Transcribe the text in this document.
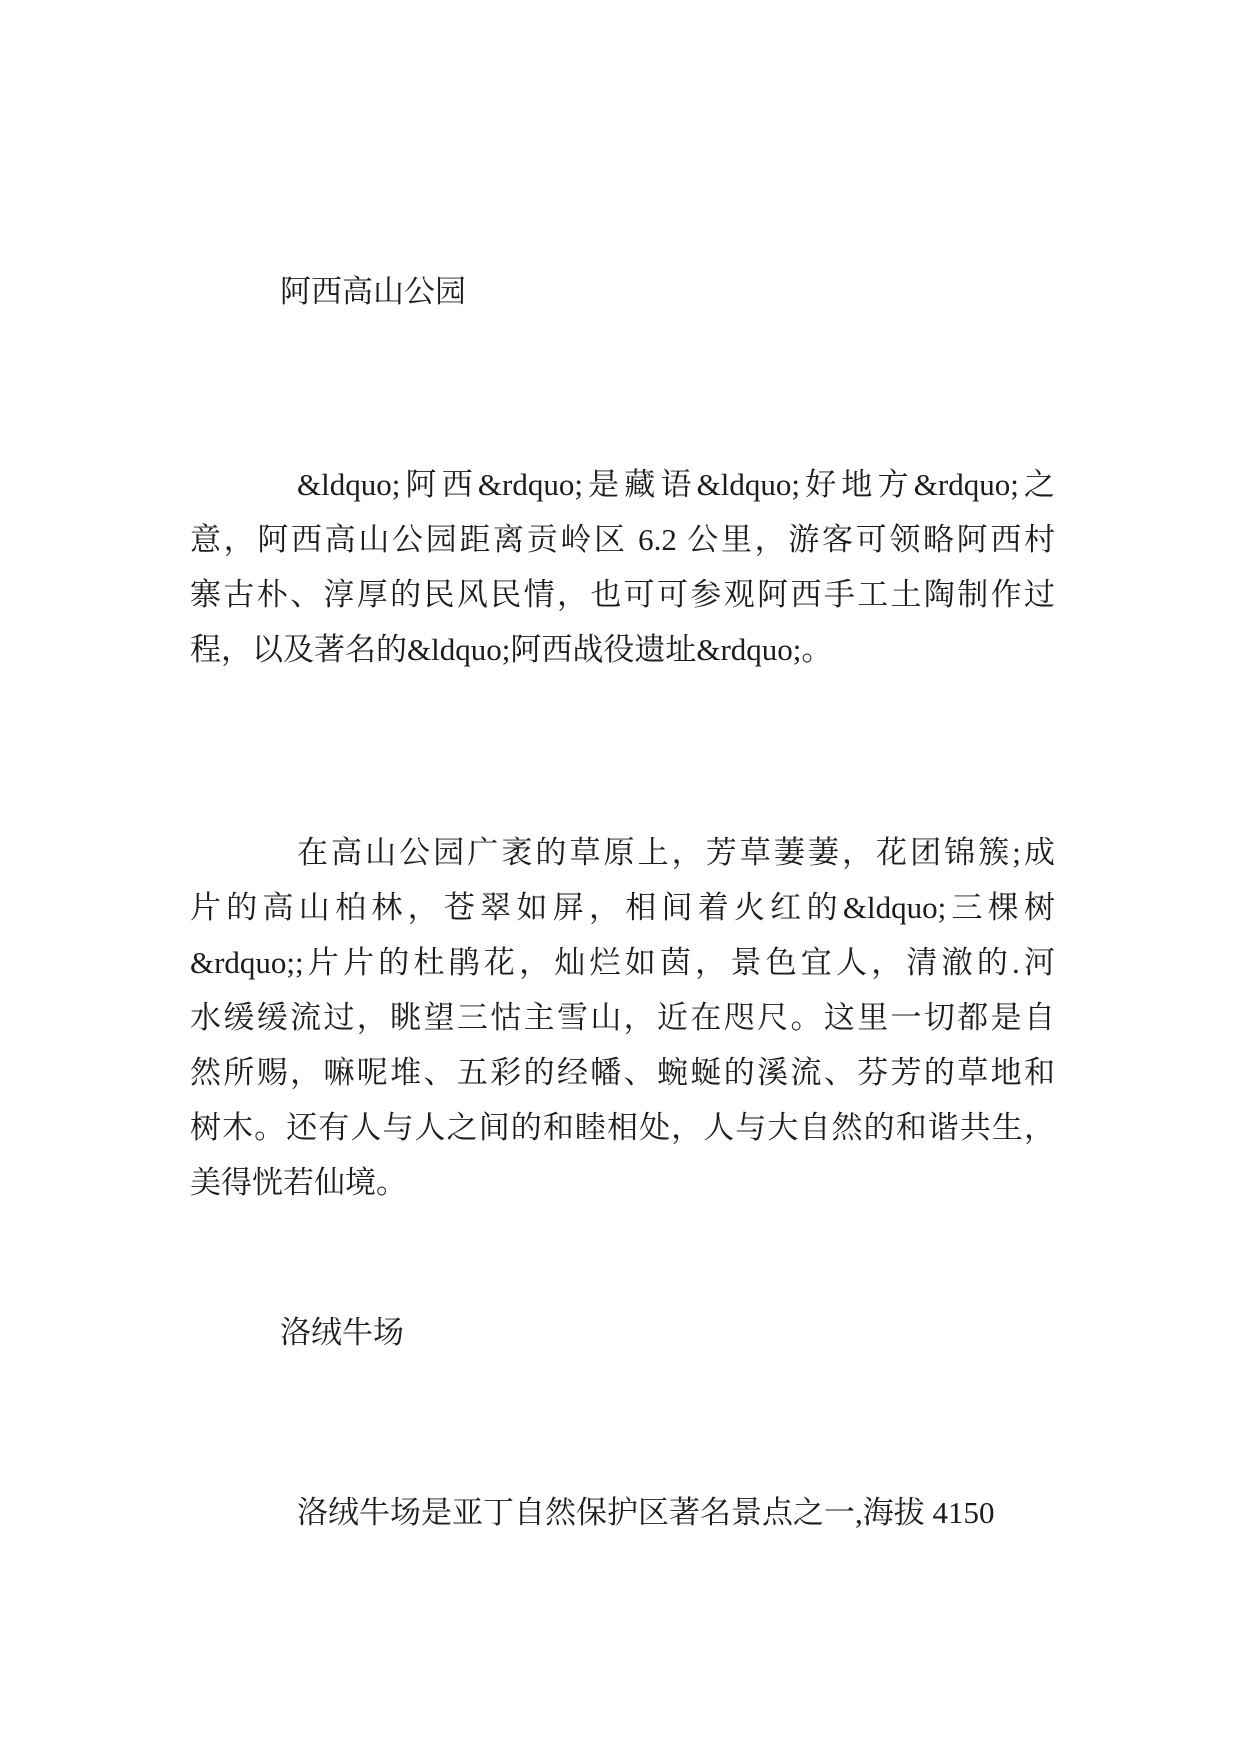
阿西高山公园
&ldquo;阿西&rdquo;是藏语&ldquo;好地方&rdquo;之
意，阿西高山公园距离贡岭区 6.2 公里，游客可领略阿西村
寨古朴、淳厚的民风民情，也可可参观阿西手工土陶制作过
程，以及著名的&ldquo;阿西战役遗址&rdquo;。
在高山公园广袤的草原上，芳草萋萋，花团锦簇;成
片的高山柏林，苍翠如屏，相间着火红的&ldquo;三棵树
&rdquo;;片片的杜鹃花，灿烂如茵，景色宜人，清澈的.河
水缓缓流过，眺望三怙主雪山，近在咫尺。这里一切都是自
然所赐，嘛呢堆、五彩的经幡、蜿蜒的溪流、芬芳的草地和
树木。还有人与人之间的和睦相处，人与大自然的和谐共生，
美得恍若仙境。
洛绒牛场
洛绒牛场是亚丁自然保护区著名景点之一,海拔 4150
